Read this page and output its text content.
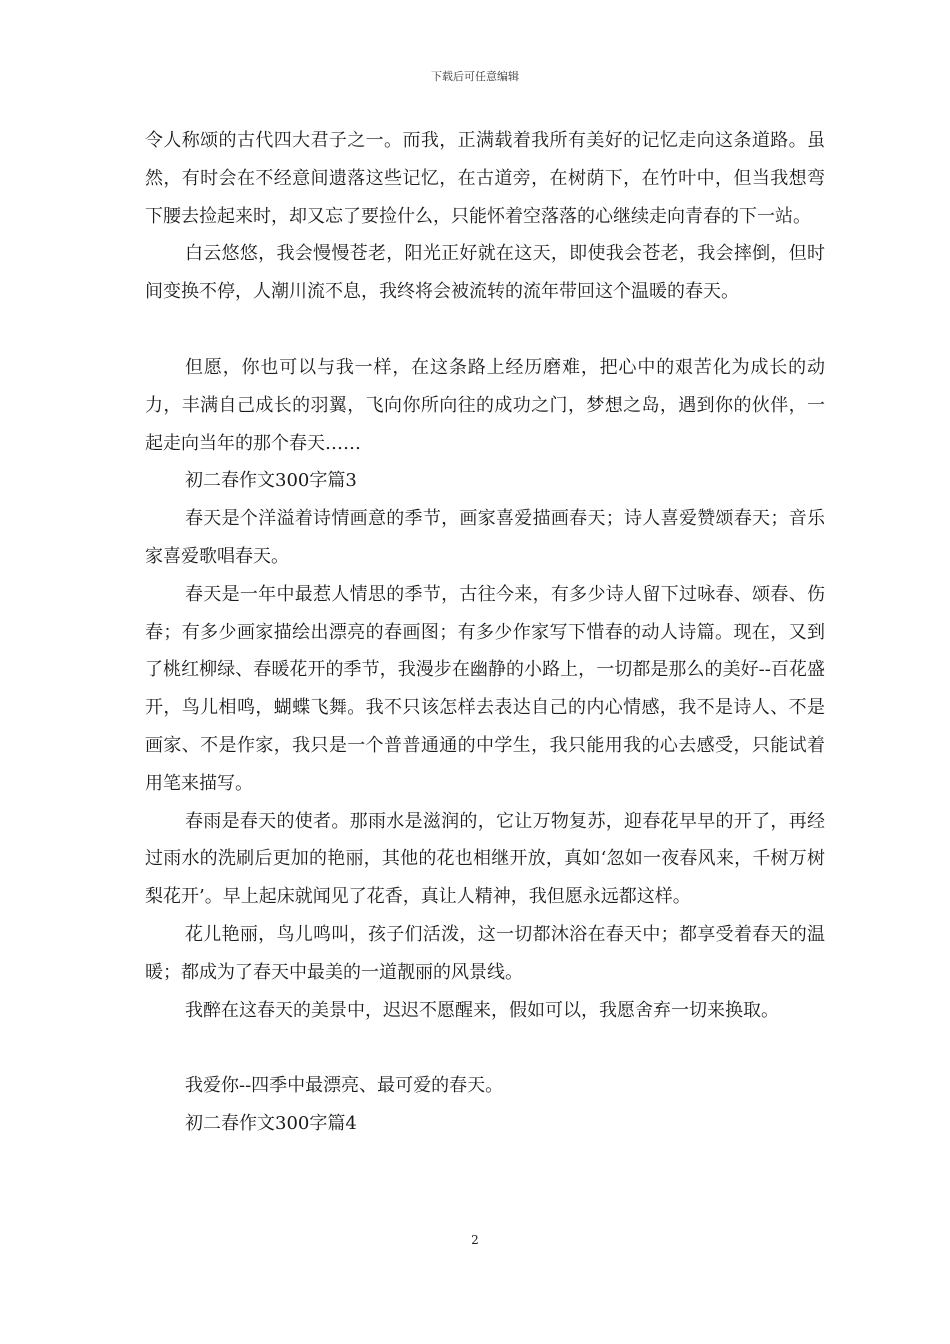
下载后可任意编辑

令人称颂的古代四大君子之一。而我，正满载着我所有美好的记忆走向这条道路。虽然，有时会在不经意间遗落这些记忆，在古道旁，在树荫下，在竹叶中，但当我想弯下腰去捡起来时，却又忘了要捡什么，只能怀着空落落的心继续走向青春的下一站。

白云悠悠，我会慢慢苍老，阳光正好就在这天，即使我会苍老，我会摔倒，但时间变换不停，人潮川流不息，我终将会被流转的流年带回这个温暖的春天。

但愿，你也可以与我一样，在这条路上经历磨难，把心中的艰苦化为成长的动力，丰满自己成长的羽翼，飞向你所向往的成功之门，梦想之岛，遇到你的伙伴，一起走向当年的那个春天……

初二春作文300字篇3

春天是个洋溢着诗情画意的季节，画家喜爱描画春天；诗人喜爱赞颂春天；音乐家喜爱歌唱春天。

春天是一年中最惹人情思的季节，古往今来，有多少诗人留下过咏春、颂春、伤春；有多少画家描绘出漂亮的春画图；有多少作家写下惜春的动人诗篇。现在，又到了桃红柳绿、春暖花开的季节，我漫步在幽静的小路上，一切都是那么的美好--百花盛开，鸟儿相鸣，蝴蝶飞舞。我不只该怎样去表达自己的内心情感，我不是诗人、不是画家、不是作家，我只是一个普普通通的中学生，我只能用我的心去感受，只能试着用笔来描写。

春雨是春天的使者。那雨水是滋润的，它让万物复苏，迎春花早早的开了，再经过雨水的洗刷后更加的艳丽，其他的花也相继开放，真如‘忽如一夜春风来，千树万树梨花开’。早上起床就闻见了花香，真让人精神，我但愿永远都这样。

花儿艳丽，鸟儿鸣叫，孩子们活泼，这一切都沐浴在春天中；都享受着春天的温暖；都成为了春天中最美的一道靓丽的风景线。

我醉在这春天的美景中，迟迟不愿醒来，假如可以，我愿舍弃一切来换取。

我爱你--四季中最漂亮、最可爱的春天。

初二春作文300字篇4

2
